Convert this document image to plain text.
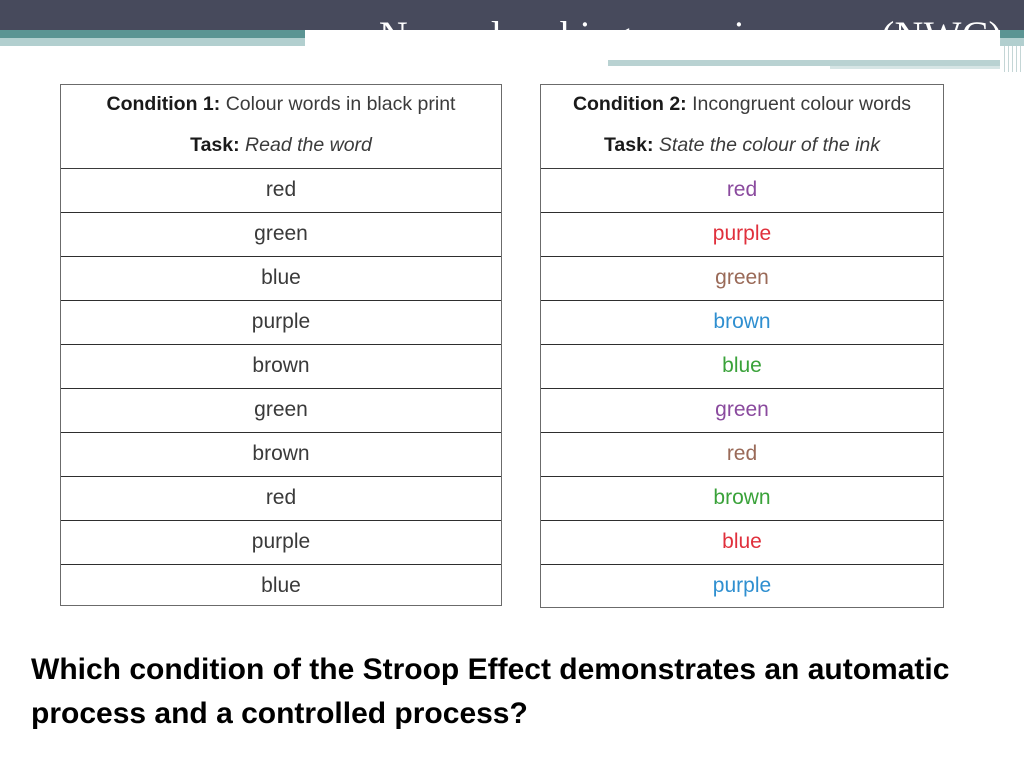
Normal waking consciousness (NWC)
Condition 1: Colour words in black print
Task: Read the word
red
green
blue
purple
brown
green
brown
red
purple
blue
Condition 2: Incongruent colour words
Task: State the colour of the ink
red
purple
green
brown
blue
green
red
brown
blue
purple
Which condition of the Stroop Effect demonstrates an automatic process and a controlled process?
